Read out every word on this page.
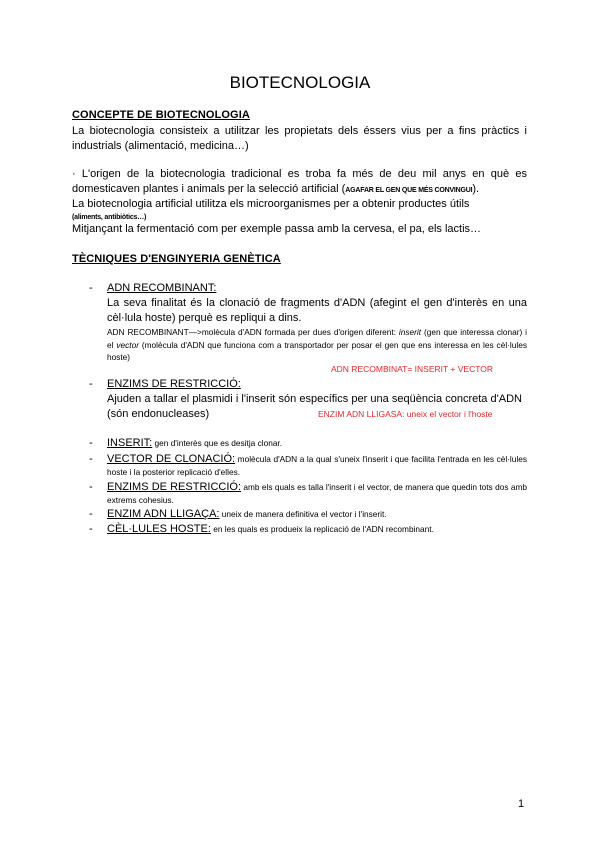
BIOTECNOLOGIA
CONCEPTE DE BIOTECNOLOGIA
La biotecnologia consisteix a utilitzar les propietats dels éssers vius per a fins pràctics i industrials (alimentació, medicina…)
· L'origen de la biotecnologia tradicional es troba fa més de deu mil anys en què es domesticaven plantes i animals per la selecció artificial (AGAFAR EL GEN QUE MÉS CONVINGUI).
La biotecnologia artificial utilitza els microorganismes per a obtenir productes útils
$^{(aliments, antibiòtics\dots)}$
Mitjançant la fermentació com per exemple passa amb la cervesa, el pa, els lactis…
TÈCNIQUES D'ENGINYERIA GENÈTICA
- ADN RECOMBINANT:
La seva finalitat és la clonació de fragments d'ADN (afegint el gen d'interès en una cèl·lula hoste) perquè es repliqui a dins.
ADN RECOMBINANT—>molècula d'ADN formada per dues d'origen diferent: inserit (gen que interessa clonar) i el vector (molècula d'ADN que funciona com a transportador per posar el gen que ens interessa en les cèl·lules hoste)
ADN RECOMBINAT= INSERIT + VECTOR
- ENZIMS DE RESTRICCIÓ:
Ajuden a tallar el plasmidi i l'inserit són específics per una seqüència concreta d'ADN (són endonucleases)	ENZIM ADN LLIGASA: uneix el vector i l'hoste
- INSERIT: gen d'interès que es desitja clonar.
- VECTOR DE CLONACIÓ: molècula d'ADN a la qual s'uneix l'inserit i que facilita l'entrada en les cèl·lules hoste i la posterior replicació d'elles.
- ENZIMS DE RESTRICCIÓ: amb els quals es talla l'inserit i el vector, de manera que quedin tots dos amb extrems cohesius.
- ENZIM ADN LLIGAÇA: uneix de manera definitiva el vector i l'inserit.
- CÈL·LULES HOSTE: en les quals es produeix la replicació de l'ADN recombinant.
1
